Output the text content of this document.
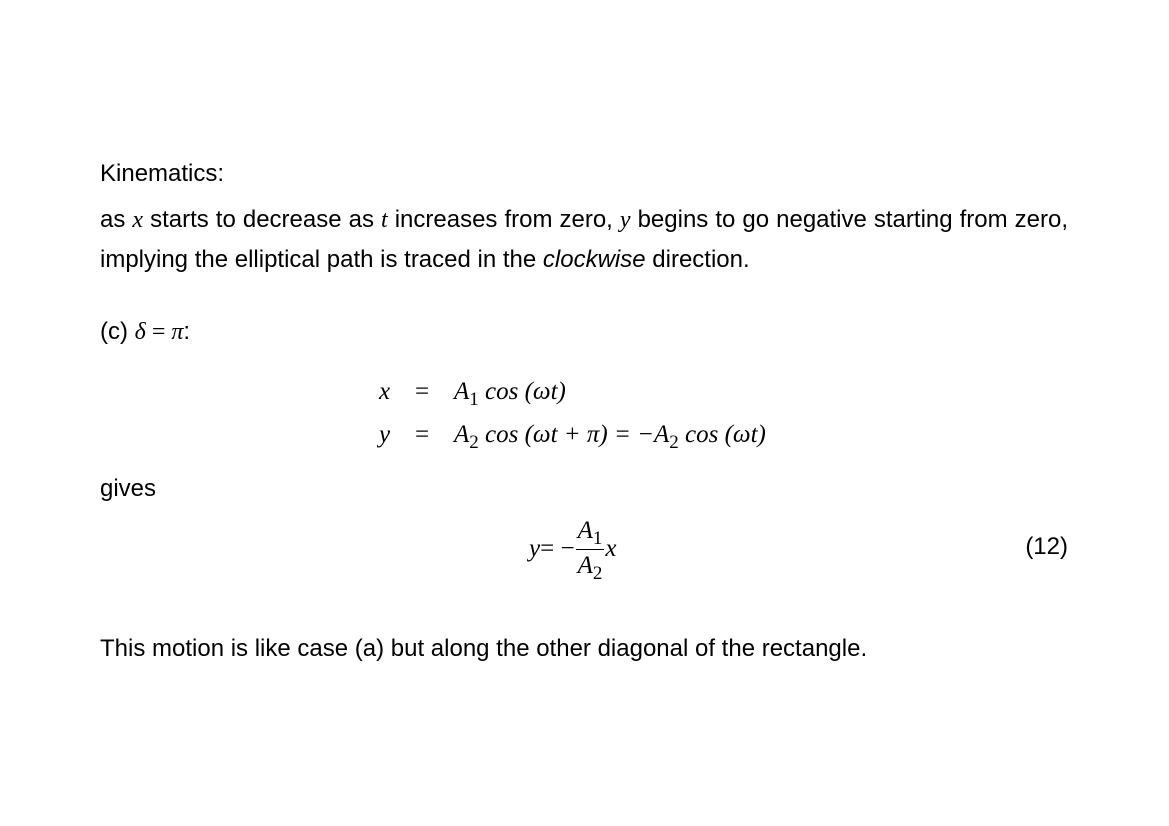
Kinematics:
as x starts to decrease as t increases from zero, y begins to go negative starting from zero, implying the elliptical path is traced in the clockwise direction.
(c) δ = π:
$x = A_1$ cos (ωt)
$y = A_2$ $\cos (\omega t + \pi) = -A_2$ cos (ωt)
gives
y = − $\frac{A_1}{A_2}$ x	(12)
This motion is like case (a) but along the other diagonal of the rectangle.
